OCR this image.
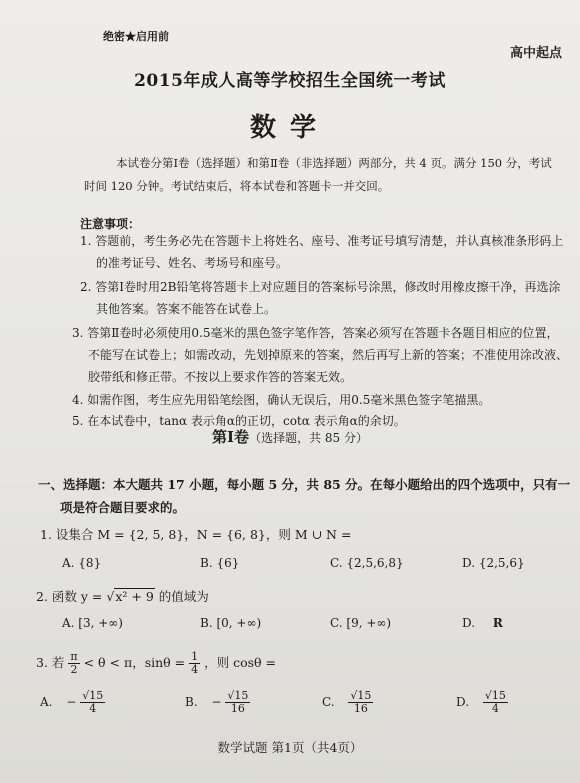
绝密★启用前
高中起点
2015年成人高等学校招生全国统一考试
数学
本试卷分第Ⅰ卷（选择题）和第Ⅱ卷（非选择题）两部分，共 4 页。满分 150 分，考试
时间 120 分钟。考试结束后，将本试卷和答题卡一并交回。
注意事项：
1. 答题前，考生务必先在答题卡上将姓名、座号、准考证号填写清楚，并认真核准条形码上
的准考证号、姓名、考场号和座号。
2. 答第Ⅰ卷时用2B铅笔将答题卡上对应题目的答案标号涂黑，修改时用橡皮擦干净，再选涂
其他答案。答案不能答在试卷上。
3. 答第Ⅱ卷时必须使用0.5毫米的黑色签字笔作答，答案必须写在答题卡各题目相应的位置，
不能写在试卷上；如需改动，先划掉原来的答案，然后再写上新的答案；不准使用涂改液、
胶带纸和修正带。不按以上要求作答的答案无效。
4. 如需作图，考生应先用铅笔绘图，确认无误后，用0.5毫米黑色签字笔描黑。
5. 在本试卷中，tanα 表示角α的正切，cotα 表示角α的余切。
第Ⅰ卷（选择题，共 85 分）
一、选择题：本大题共 17 小题，每小题 5 分，共 85 分。在每小题给出的四个选项中，只有一
项是符合题目要求的。
1. 设集合 M = {2, 5, 8}，N = {6, 8}，则 M ∪ N =
A. {8}	B. {6}	C. {2,5,6,8}	D. {2,5,6}
2. 函数 y = √x² + 9 的值域为
A. [3, +∞)	B. [0, +∞)	C. [9, +∞)	D. R
3. 若 $\frac{\pi}{2} < \theta < \pi$，$\sin\theta = \frac{1}{4}$ ，则 cosθ =
A. − $\frac{√15}{4}$	B. − $\frac{√15}{16}$	C. $\frac{√15}{16}$	D. $\frac{√15}{4}$
数学试题 第1页（共4页）
